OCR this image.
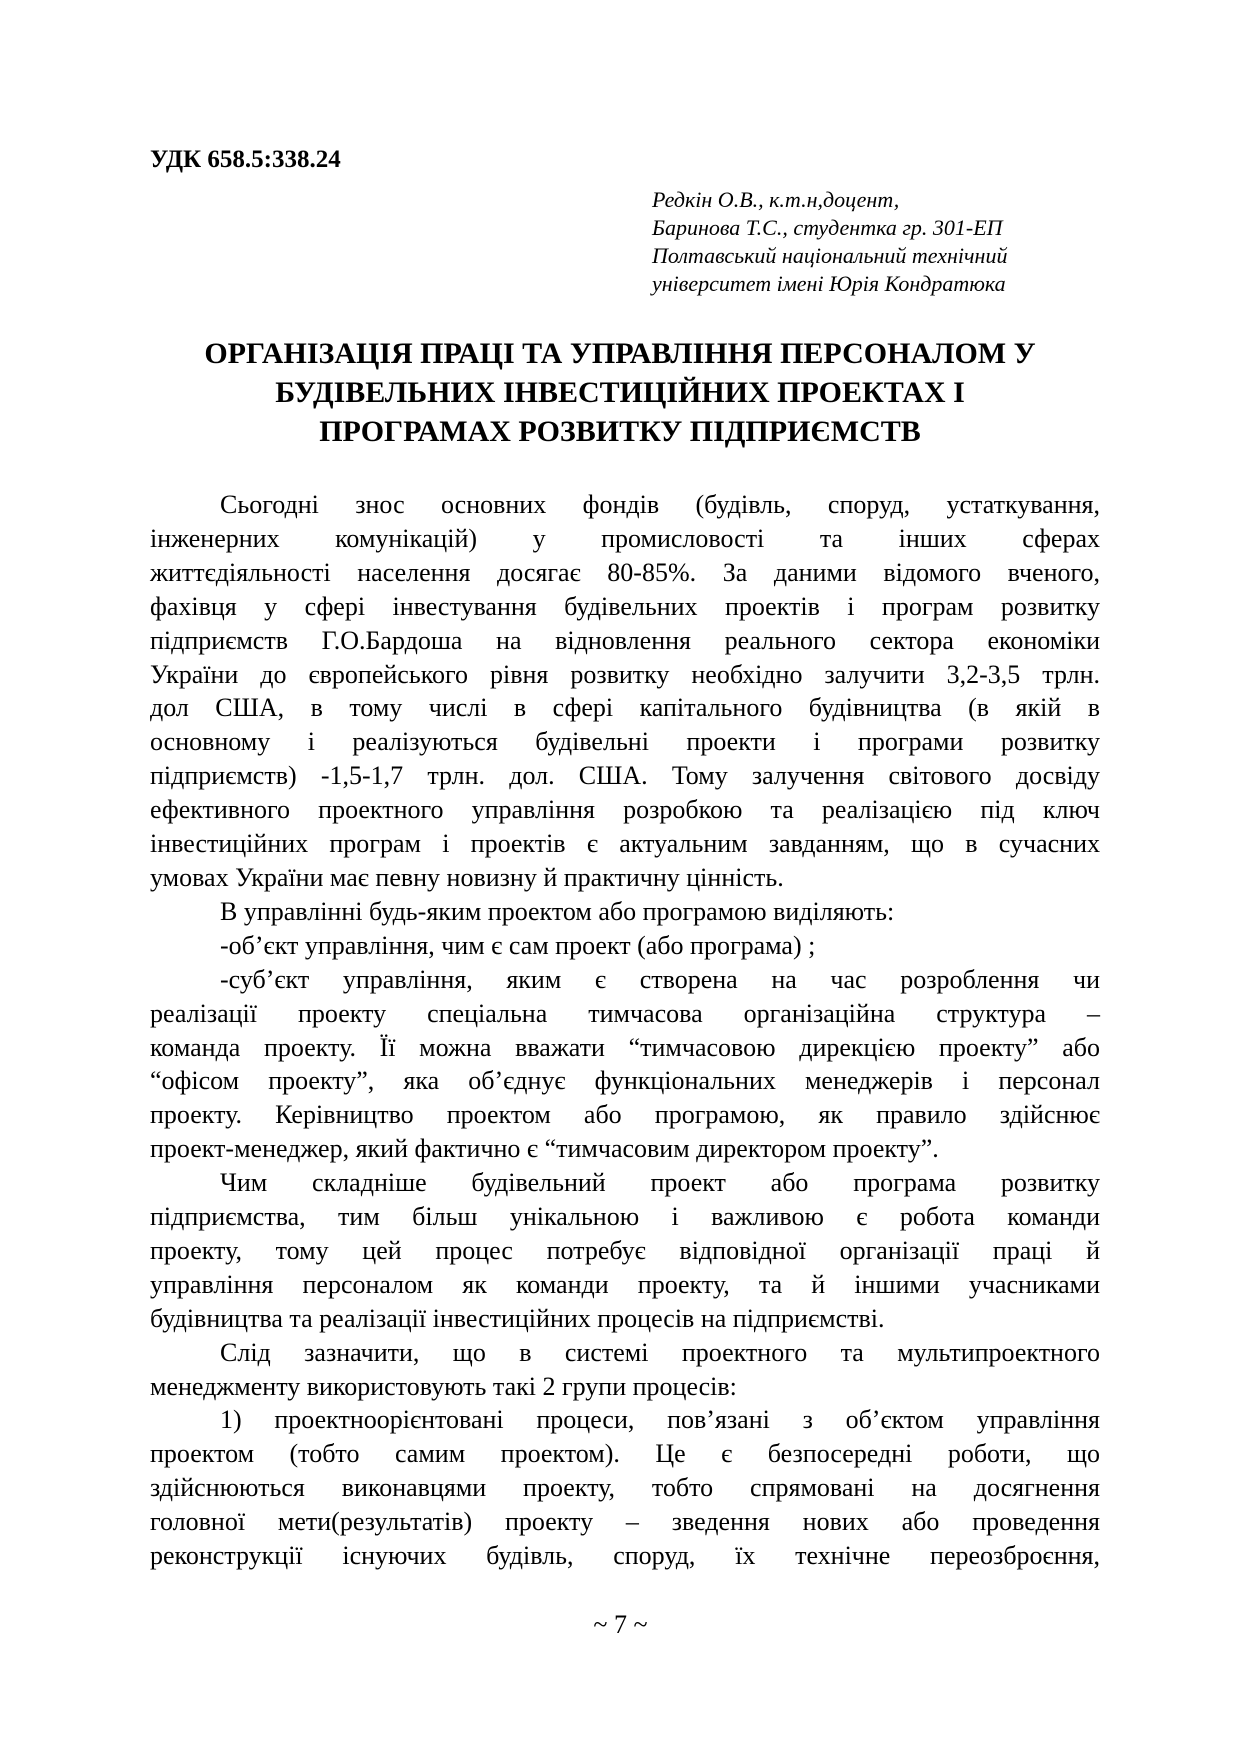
УДК 658.5:338.24
Редкін О.В., к.т.н,доцент,
Баринова Т.С., студентка гр. 301-ЕП
Полтавський національний технічний
університет імені Юрія Кондратюка
ОРГАНІЗАЦІЯ ПРАЦІ ТА УПРАВЛІННЯ ПЕРСОНАЛОМ У
БУДІВЕЛЬНИХ ІНВЕСТИЦІЙНИХ ПРОЕКТАХ І
ПРОГРАМАХ РОЗВИТКУ ПІДПРИЄМСТВ
Сьогодні знос основних фондів (будівль, споруд, устаткування,
інженерних комунікацій) у промисловості та інших сферах
життєдіяльності населення досягає 80-85%. За даними відомого вченого,
фахівця у сфері інвестування будівельних проектів і програм розвитку
підприємств Г.О.Бардоша на відновлення реального сектора економіки
України до європейського рівня розвитку необхідно залучити 3,2-3,5 трлн.
дол США, в тому числі в сфері капітального будівництва (в якій в
основному і реалізуються будівельні проекти і програми розвитку
підприємств) -1,5-1,7 трлн. дол. США. Тому залучення світового досвіду
ефективного проектного управління розробкою та реалізацією під ключ
інвестиційних програм і проектів є актуальним завданням, що в сучасних
умовах України має певну новизну й практичну цінність.
В управлінні будь-яким проектом або програмою виділяють:
-об’єкт управління, чим є сам проект (або програма) ;
-суб’єкт управління, яким є створена на час розроблення чи
реалізації проекту спеціальна тимчасова організаційна структура –
команда проекту. Її можна вважати “тимчасовою дирекцією проекту” або
“офісом проекту”, яка об’єднує функціональних менеджерів і персонал
проекту. Керівництво проектом або програмою, як правило здійснює
проект-менеджер, який фактично є “тимчасовим директором проекту”.
Чим складніше будівельний проект або програма розвитку
підприємства, тим більш унікальною і важливою є робота команди
проекту, тому цей процес потребує відповідної організації праці й
управління персоналом як команди проекту, та й іншими учасниками
будівництва та реалізації інвестиційних процесів на підприємстві.
Слід зазначити, що в системі проектного та мультипроектного
менеджменту використовують такі 2 групи процесів:
1) проектноорієнтовані процеси, пов’язані з об’єктом управління
проектом (тобто самим проектом). Це є безпосередні роботи, що
здійснюються виконавцями проекту, тобто спрямовані на досягнення
головної мети(результатів) проекту – зведення нових або проведення
реконструкції існуючих будівль, споруд, їх технічне переозброєння,
~ 7 ~
